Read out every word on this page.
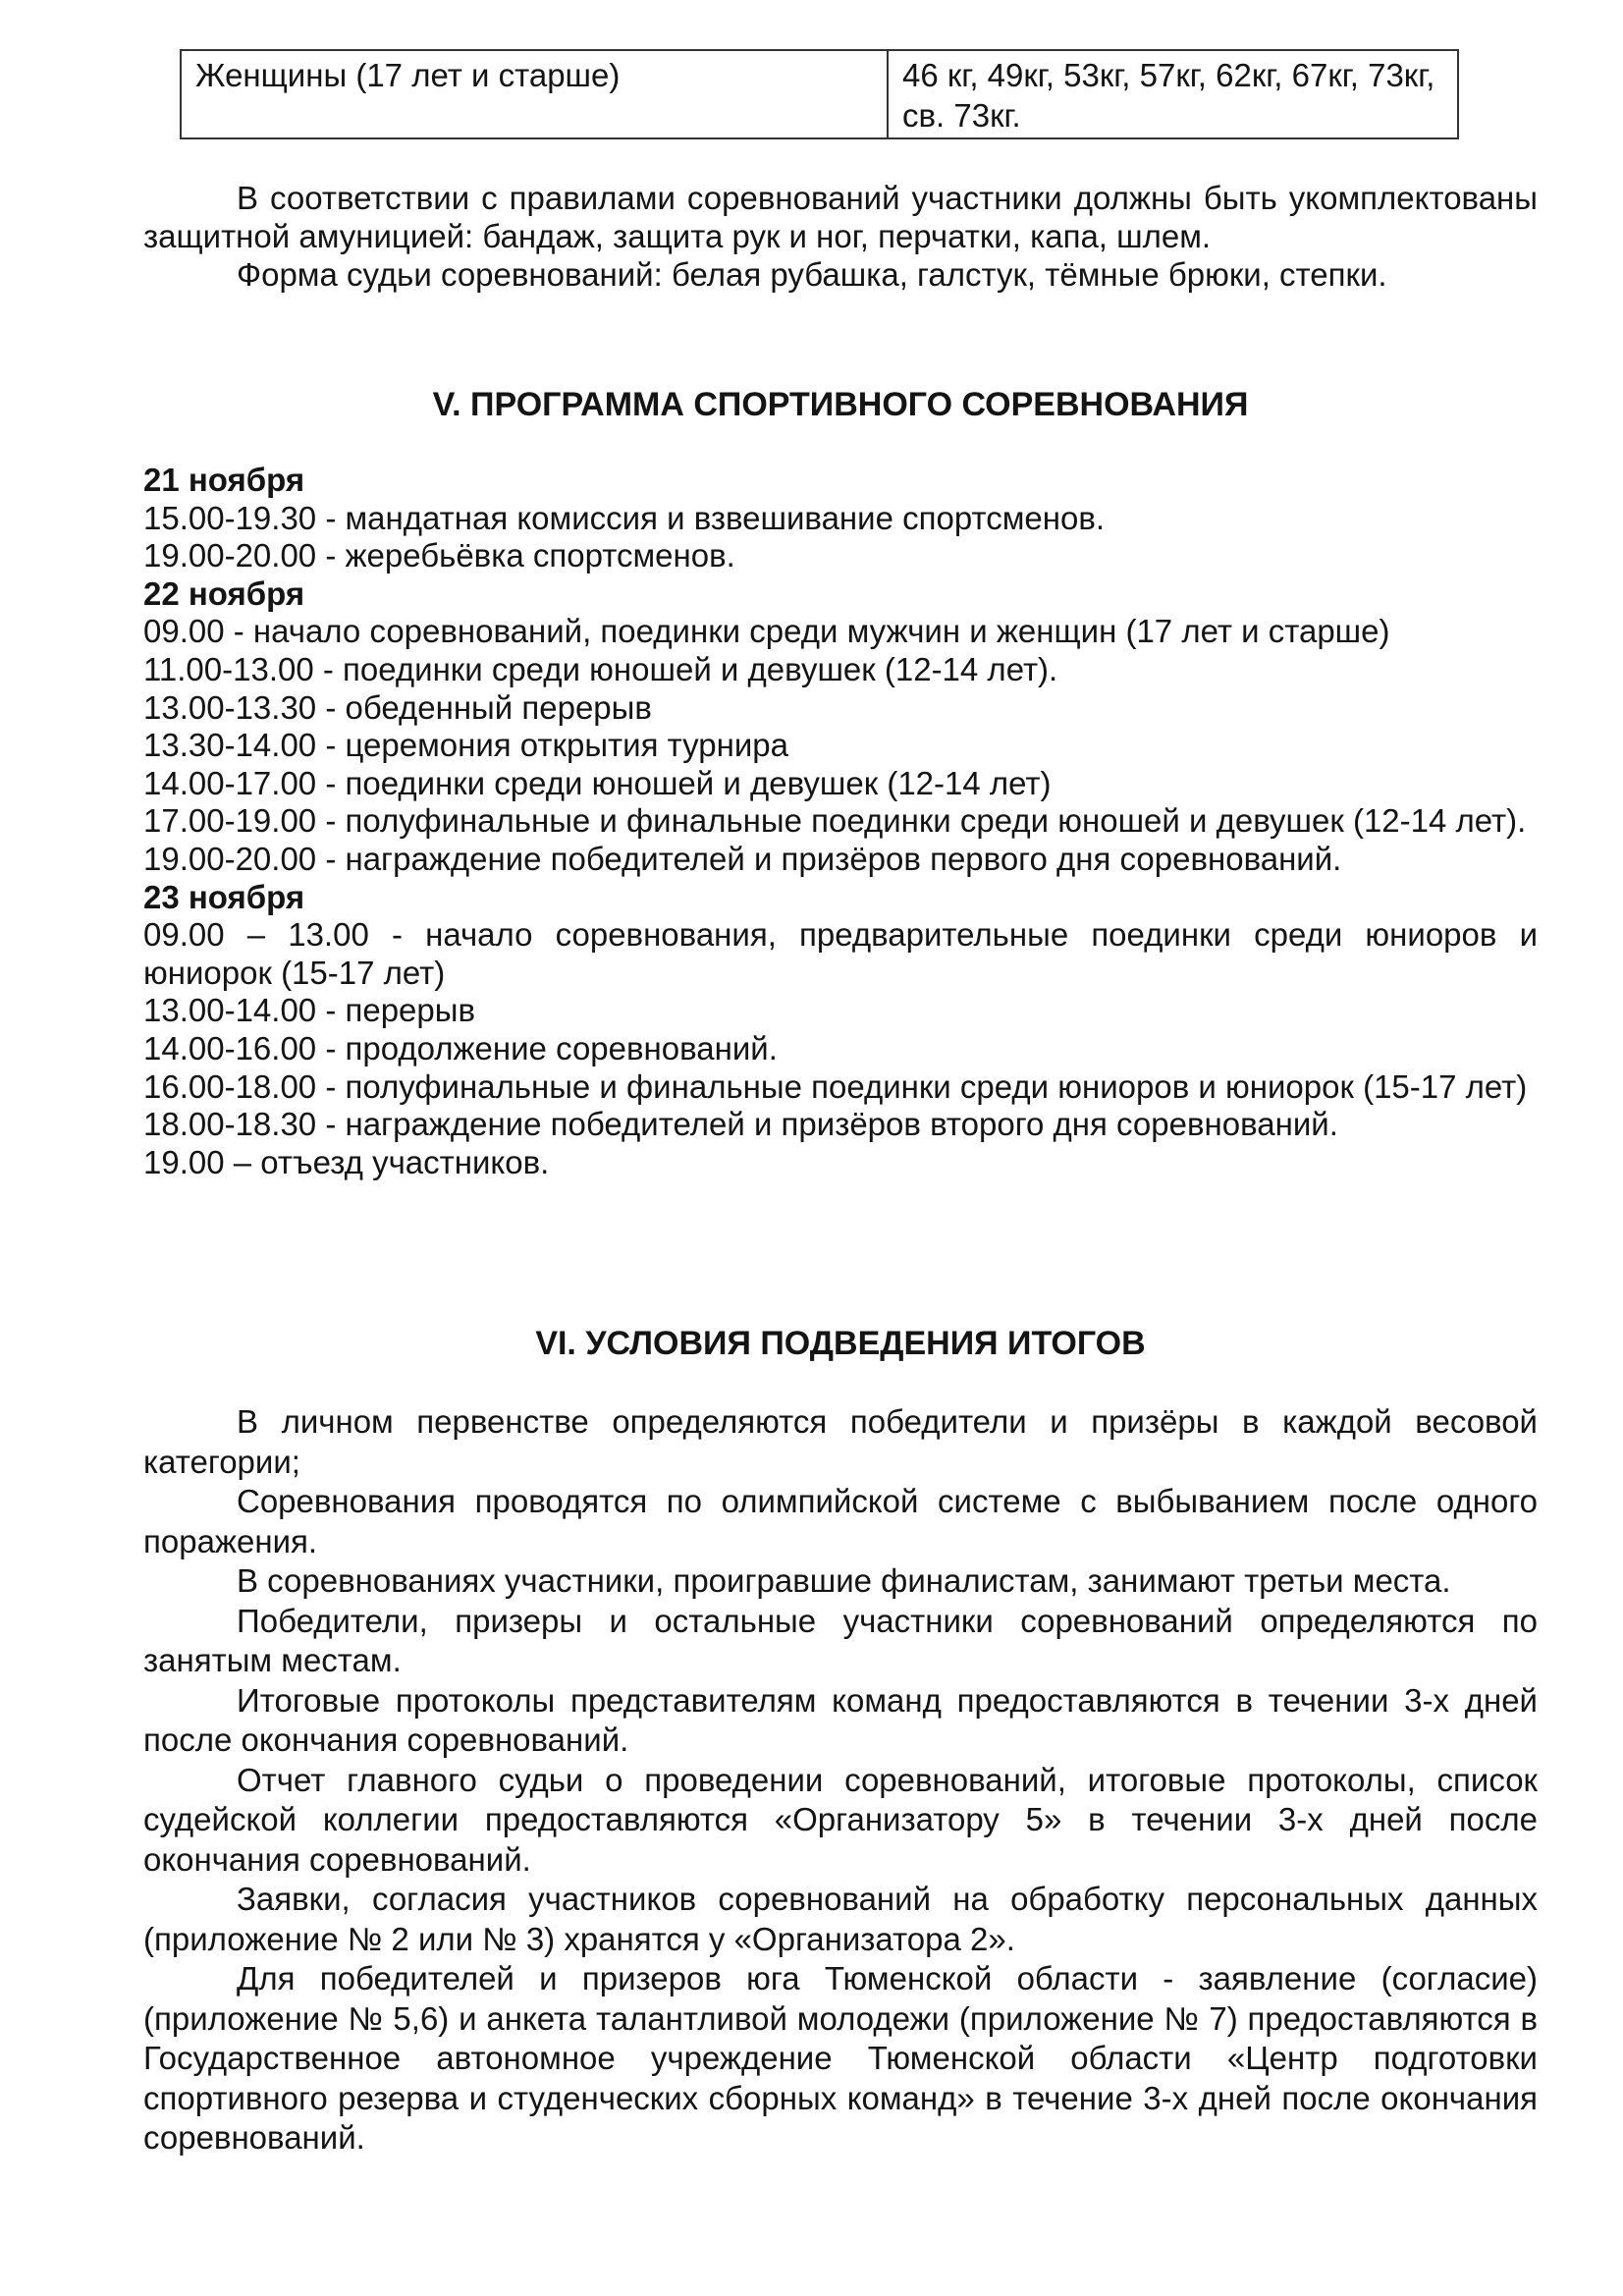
Женщины (17 лет и старше)	46 кг, 49кг, 53кг, 57кг, 62кг, 67кг, 73кг, св. 73кг.

В соответствии с правилами соревнований участники должны быть укомплектованы защитной амуницией: бандаж, защита рук и ног, перчатки, капа, шлем.

Форма судьи соревнований: белая рубашка, галстук, тёмные брюки, степки.

V. ПРОГРАММА СПОРТИВНОГО СОРЕВНОВАНИЯ
21 ноября

15.00-19.30 - мандатная комиссия и взвешивание спортсменов.

19.00-20.00 - жеребьёвка спортсменов.

22 ноября

09.00 - начало соревнований, поединки среди мужчин и женщин (17 лет и старше)

11.00-13.00 - поединки среди юношей и девушек (12-14 лет).

13.00-13.30 - обеденный перерыв

13.30-14.00 - церемония открытия турнира

14.00-17.00 - поединки среди юношей и девушек (12-14 лет)

17.00-19.00 - полуфинальные и финальные поединки среди юношей и девушек (12-14 лет).

19.00-20.00 - награждение победителей и призёров первого дня соревнований.

23 ноября

09.00 – 13.00 - начало соревнования, предварительные поединки среди юниоров и юниорок (15-17 лет)

13.00-14.00 - перерыв

14.00-16.00 - продолжение соревнований.

16.00-18.00 - полуфинальные и финальные поединки среди юниоров и юниорок (15-17 лет)

18.00-18.30 - награждение победителей и призёров второго дня соревнований.

19.00 – отъезд участников.

VI. УСЛОВИЯ ПОДВЕДЕНИЯ ИТОГОВ

В личном первенстве определяются победители и призёры в каждой весовой категории;

Соревнования проводятся по олимпийской системе с выбыванием после одного поражения.

В соревнованиях участники, проигравшие финалистам, занимают третьи места.

Победители, призеры и остальные участники соревнований определяются по занятым местам.

Итоговые протоколы представителям команд предоставляются в течении 3-х дней после окончания соревнований.

Отчет главного судьи о проведении соревнований, итоговые протоколы, список судейской коллегии предоставляются «Организатору 5» в течении 3-х дней после окончания соревнований.

Заявки, согласия участников соревнований на обработку персональных данных (приложение № 2 или № 3) хранятся у «Организатора 2».

Для победителей и призеров юга Тюменской области - заявление (согласие) (приложение № 5,6) и анкета талантливой молодежи (приложение № 7) предоставляются в Государственное автономное учреждение Тюменской области «Центр подготовки спортивного резерва и студенческих сборных команд» в течение 3-х дней после окончания соревнований.
